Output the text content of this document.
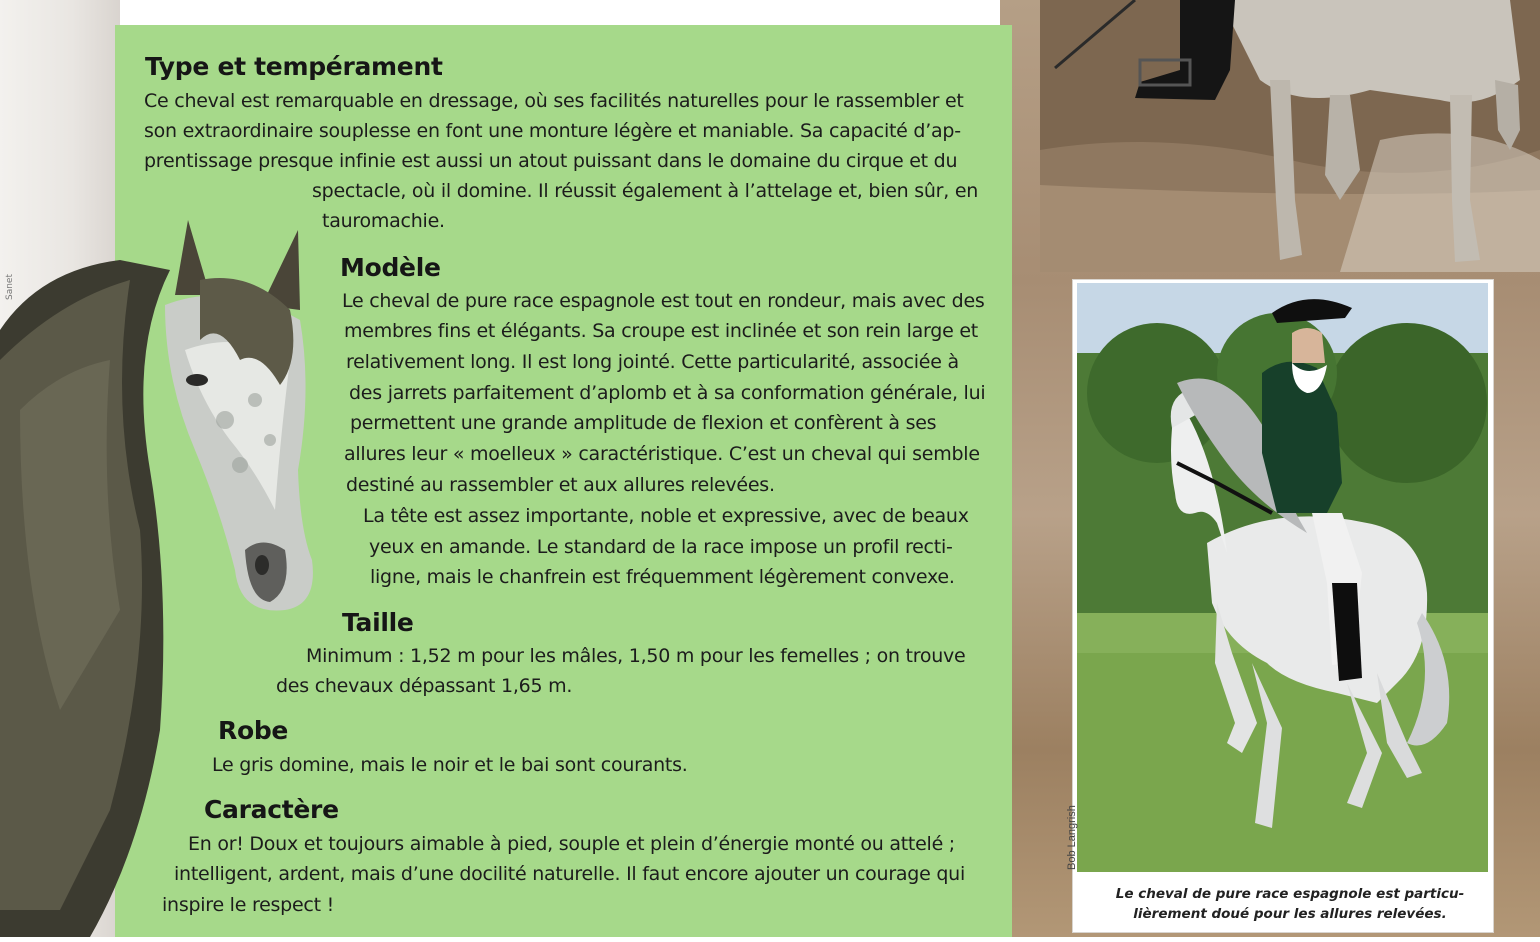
Sanet
Type et tempérament
Ce cheval est remarquable en dressage, où ses facilités naturelles pour le rassembler et
son extraordinaire souplesse en font une monture légère et maniable. Sa capacité d’ap-
prentissage presque infinie est aussi un atout puissant dans le domaine du cirque et du
spectacle, où il domine. Il réussit également à l’attelage et, bien sûr, en
tauromachie.
Modèle
Le cheval de pure race espagnole est tout en rondeur, mais avec des
membres fins et élégants. Sa croupe est inclinée et son rein large et
relativement long. Il est long jointé. Cette particularité, associée à
des jarrets parfaitement d’aplomb et à sa conformation générale, lui
permettent une grande amplitude de flexion et confèrent à ses
allures leur « moelleux » caractéristique. C’est un cheval qui semble
destiné au rassembler et aux allures relevées.
La tête est assez importante, noble et expressive, avec de beaux
yeux en amande. Le standard de la race impose un profil recti-
ligne, mais le chanfrein est fréquemment légèrement convexe.
Taille
Minimum : 1,52 m pour les mâles, 1,50 m pour les femelles ; on trouve
des chevaux dépassant 1,65 m.
Robe
Le gris domine, mais le noir et le bai sont courants.
Caractère
En or! Doux et toujours aimable à pied, souple et plein d’énergie monté ou attelé ;
intelligent, ardent, mais d’une docilité naturelle. Il faut encore ajouter un courage qui
inspire le respect !
Bob Langrish
Le cheval de pure race espagnole est particu-
lièrement doué pour les allures relevées.
